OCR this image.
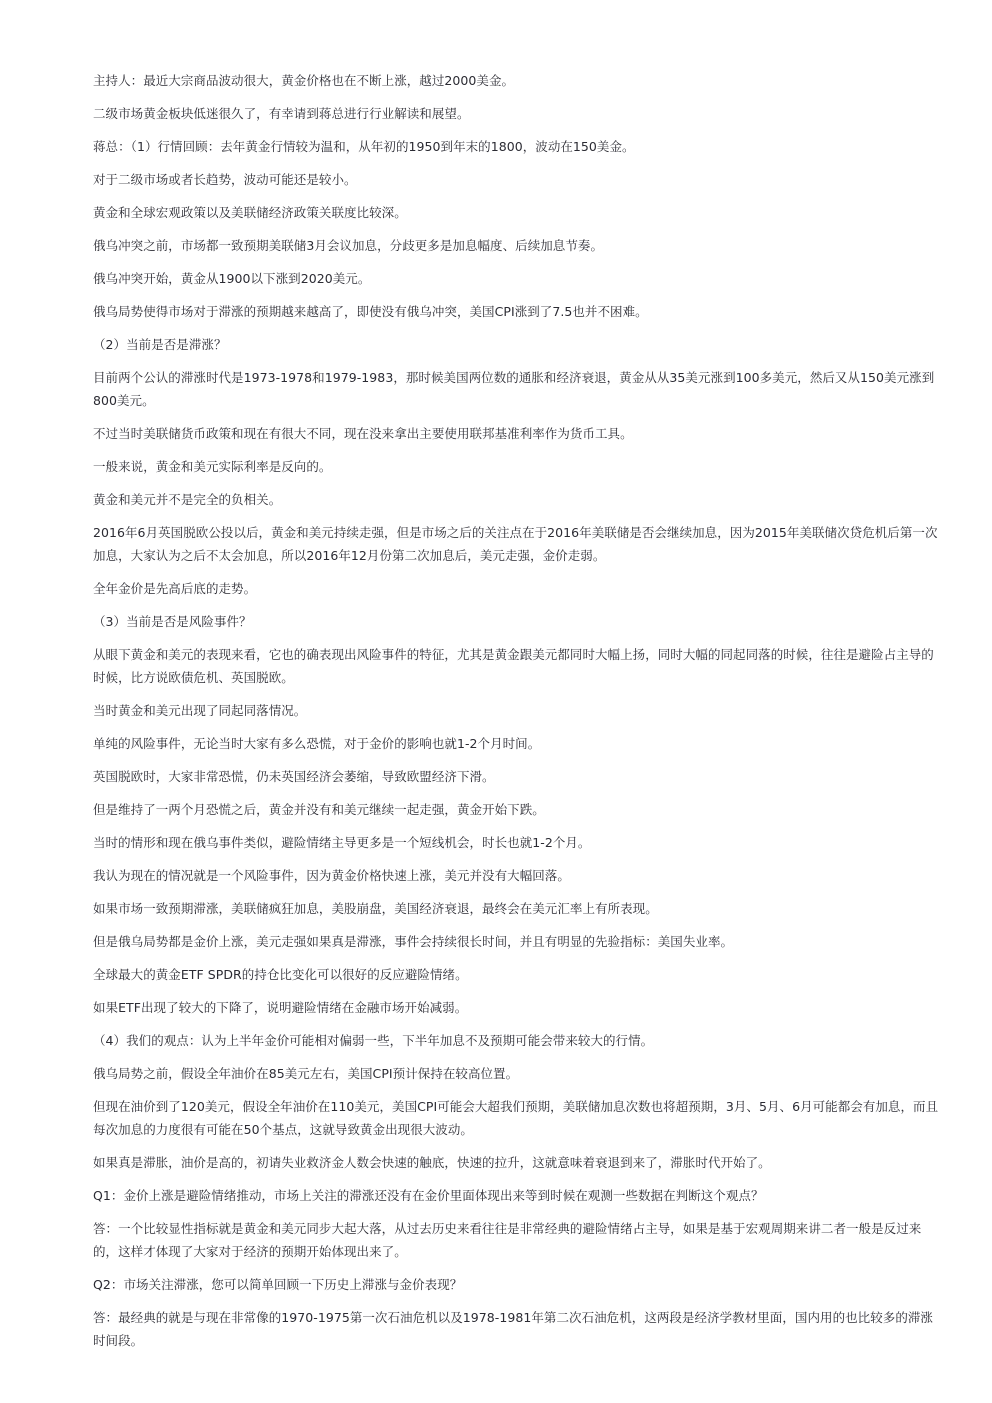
主持人：最近大宗商品波动很大，黄金价格也在不断上涨，越过2000美金。

二级市场黄金板块低迷很久了，有幸请到蒋总进行行业解读和展望。

蒋总：（1）行情回顾：去年黄金行情较为温和，从年初的1950到年末的1800，波动在150美金。

对于二级市场或者长趋势，波动可能还是较小。

黄金和全球宏观政策以及美联储经济政策关联度比较深。

俄乌冲突之前，市场都一致预期美联储3月会议加息，分歧更多是加息幅度、后续加息节奏。

俄乌冲突开始，黄金从1900以下涨到2020美元。

俄乌局势使得市场对于滞涨的预期越来越高了，即使没有俄乌冲突，美国CPI涨到了7.5也并不困难。

（2）当前是否是滞涨？

目前两个公认的滞涨时代是1973-1978和1979-1983，那时候美国两位数的通胀和经济衰退，黄金从从35美元涨到100多美元，然后又从150美元涨到800美元。

不过当时美联储货币政策和现在有很大不同，现在没来拿出主要使用联邦基准利率作为货币工具。

一般来说，黄金和美元实际利率是反向的。

黄金和美元并不是完全的负相关。

2016年6月英国脱欧公投以后，黄金和美元持续走强，但是市场之后的关注点在于2016年美联储是否会继续加息，因为2015年美联储次贷危机后第一次加息，大家认为之后不太会加息，所以2016年12月份第二次加息后，美元走强，金价走弱。

全年金价是先高后底的走势。

（3）当前是否是风险事件？

从眼下黄金和美元的表现来看，它也的确表现出风险事件的特征，尤其是黄金跟美元都同时大幅上扬，同时大幅的同起同落的时候，往往是避险占主导的时候，比方说欧债危机、英国脱欧。

当时黄金和美元出现了同起同落情况。

单纯的风险事件，无论当时大家有多么恐慌，对于金价的影响也就1-2个月时间。

英国脱欧时，大家非常恐慌，仍未英国经济会萎缩，导致欧盟经济下滑。

但是维持了一两个月恐慌之后，黄金并没有和美元继续一起走强，黄金开始下跌。

当时的情形和现在俄乌事件类似，避险情绪主导更多是一个短线机会，时长也就1-2个月。

我认为现在的情况就是一个风险事件，因为黄金价格快速上涨，美元并没有大幅回落。

如果市场一致预期滞涨，美联储疯狂加息，美股崩盘，美国经济衰退，最终会在美元汇率上有所表现。

但是俄乌局势都是金价上涨，美元走强如果真是滞涨，事件会持续很长时间，并且有明显的先验指标：美国失业率。

全球最大的黄金ETF SPDR的持仓比变化可以很好的反应避险情绪。

如果ETF出现了较大的下降了，说明避险情绪在金融市场开始减弱。

（4）我们的观点：认为上半年金价可能相对偏弱一些，下半年加息不及预期可能会带来较大的行情。

俄乌局势之前，假设全年油价在85美元左右，美国CPI预计保持在较高位置。

但现在油价到了120美元，假设全年油价在110美元，美国CPI可能会大超我们预期，美联储加息次数也将超预期，3月、5月、6月可能都会有加息，而且每次加息的力度很有可能在50个基点，这就导致黄金出现很大波动。

如果真是滞胀，油价是高的，初请失业救济金人数会快速的触底，快速的拉升，这就意味着衰退到来了，滞胀时代开始了。

Q1：金价上涨是避险情绪推动，市场上关注的滞涨还没有在金价里面体现出来等到时候在观测一些数据在判断这个观点？

答：一个比较显性指标就是黄金和美元同步大起大落，从过去历史来看往往是非常经典的避险情绪占主导，如果是基于宏观周期来讲二者一般是反过来的，这样才体现了大家对于经济的预期开始体现出来了。

Q2：市场关注滞涨，您可以简单回顾一下历史上滞涨与金价表现？

答：最经典的就是与现在非常像的1970-1975第一次石油危机以及1978-1981年第二次石油危机，这两段是经济学教材里面，国内用的也比较多的滞涨时间段。
